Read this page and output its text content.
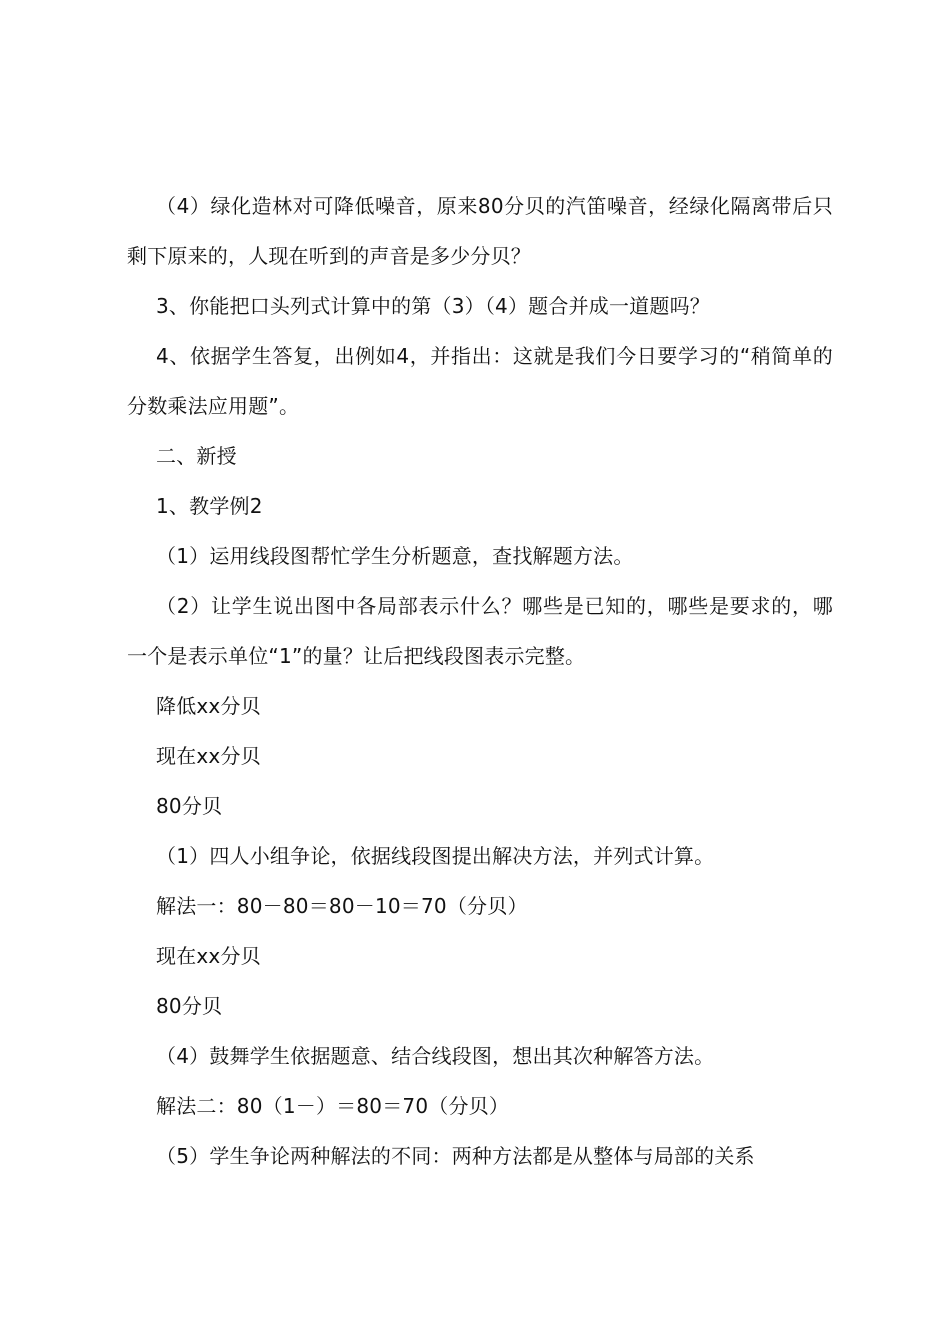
（4）绿化造林对可降低噪音，原来80分贝的汽笛噪音，经绿化隔离带后只剩下原来的，人现在听到的声音是多少分贝？

3、你能把口头列式计算中的第（3）（4）题合并成一道题吗？

4、依据学生答复，出例如4，并指出：这就是我们今日要学习的“稍简单的分数乘法应用题”。

二、新授

1、教学例2

（1）运用线段图帮忙学生分析题意，查找解题方法。

（2）让学生说出图中各局部表示什么？哪些是已知的，哪些是要求的，哪一个是表示单位“1”的量？让后把线段图表示完整。

降低xx分贝

现在xx分贝

80分贝

（1）四人小组争论，依据线段图提出解决方法，并列式计算。

解法一：80－80＝80－10＝70（分贝）

现在xx分贝

80分贝

（4）鼓舞学生依据题意、结合线段图，想出其次种解答方法。

解法二：80（1－）＝80＝70（分贝）

（5）学生争论两种解法的不同：两种方法都是从整体与局部的关系
